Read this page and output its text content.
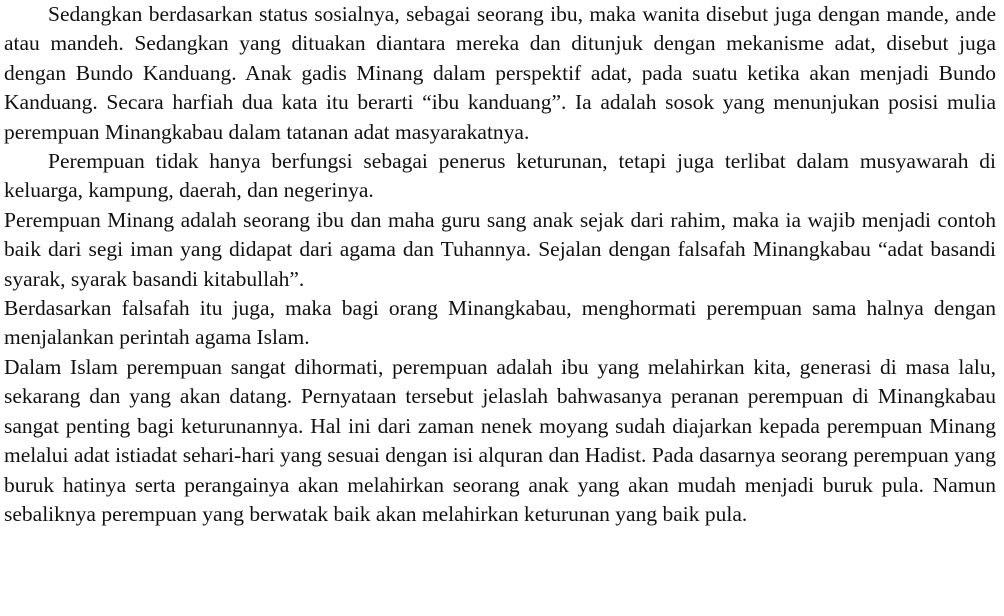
Sedangkan berdasarkan status sosialnya, sebagai seorang ibu, maka wanita disebut juga dengan mande, ande atau mandeh. Sedangkan yang dituakan diantara mereka dan ditunjuk dengan mekanisme adat, disebut juga dengan Bundo Kanduang. Anak gadis Minang dalam perspektif adat, pada suatu ketika akan menjadi Bundo Kanduang. Secara harfiah dua kata itu berarti “ibu kanduang”. Ia adalah sosok yang menunjukan posisi mulia perempuan Minangkabau dalam tatanan adat masyarakatnya.

Perempuan tidak hanya berfungsi sebagai penerus keturunan, tetapi juga terlibat dalam musyawarah di keluarga, kampung, daerah, dan negerinya.

Perempuan Minang adalah seorang ibu dan maha guru sang anak sejak dari rahim, maka ia wajib menjadi contoh baik dari segi iman yang didapat dari agama dan Tuhannya. Sejalan dengan falsafah Minangkabau “adat basandi syarak, syarak basandi kitabullah”.

Berdasarkan falsafah itu juga, maka bagi orang Minangkabau, menghormati perempuan sama halnya dengan menjalankan perintah agama Islam.

Dalam Islam perempuan sangat dihormati, perempuan adalah ibu yang melahirkan kita, generasi di masa lalu, sekarang dan yang akan datang. Pernyataan tersebut jelaslah bahwasanya peranan perempuan di Minangkabau sangat penting bagi keturunannya. Hal ini dari zaman nenek moyang sudah diajarkan kepada perempuan Minang melalui adat istiadat sehari-hari yang sesuai dengan isi alquran dan Hadist. Pada dasarnya seorang perempuan yang buruk hatinya serta perangainya akan melahirkan seorang anak yang akan mudah menjadi buruk pula. Namun sebaliknya perempuan yang berwatak baik akan melahirkan keturunan yang baik pula.
